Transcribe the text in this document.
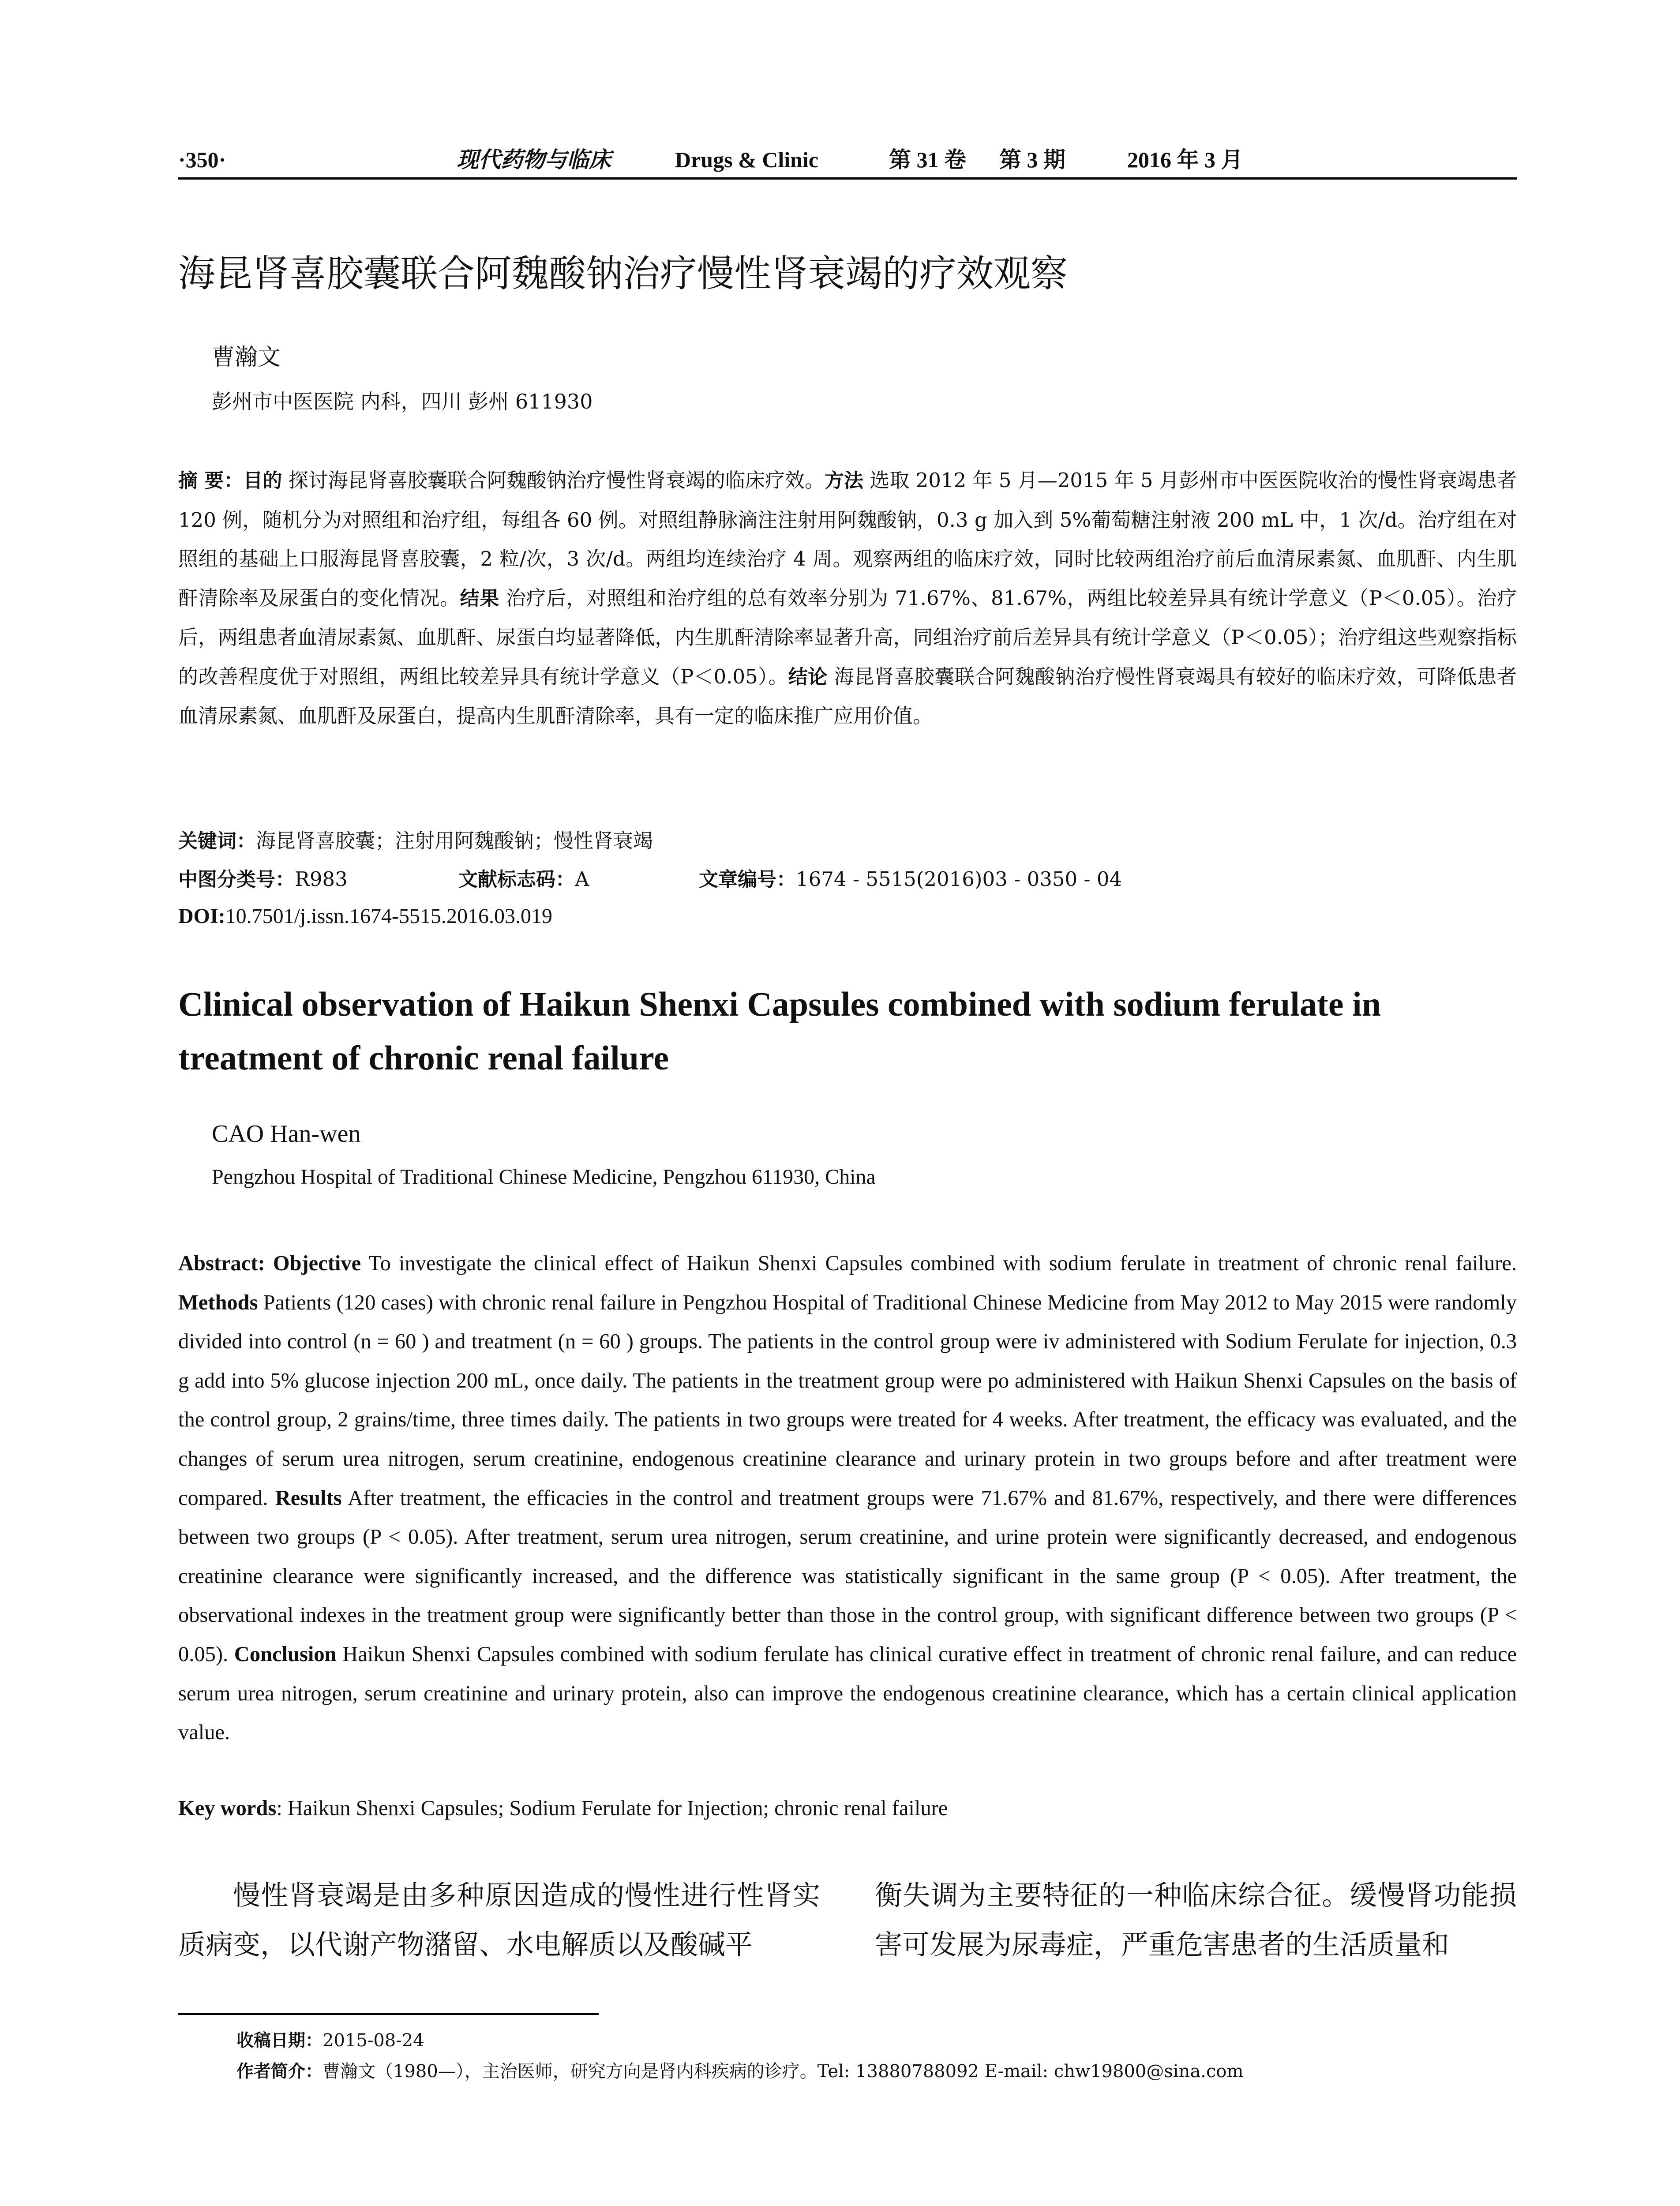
·350·	现代药物与临床	Drugs & Clinic	第 31 卷 第 3 期	2016 年 3 月
海昆肾喜胶囊联合阿魏酸钠治疗慢性肾衰竭的疗效观察
曹瀚文
彭州市中医医院 内科，四川 彭州 611930
摘 要：目的 探讨海昆肾喜胶囊联合阿魏酸钠治疗慢性肾衰竭的临床疗效。方法 选取 2012 年 5 月—2015 年 5 月彭州市中医医院收治的慢性肾衰竭患者 120 例，随机分为对照组和治疗组，每组各 60 例。对照组静脉滴注注射用阿魏酸钠，0.3 g 加入到 5%葡萄糖注射液 200 mL 中，1 次/d。治疗组在对照组的基础上口服海昆肾喜胶囊，2 粒/次，3 次/d。两组均连续治疗 4 周。观察两组的临床疗效，同时比较两组治疗前后血清尿素氮、血肌酐、内生肌酐清除率及尿蛋白的变化情况。结果 治疗后，对照组和治疗组的总有效率分别为 71.67%、81.67%，两组比较差异具有统计学意义（P＜0.05）。治疗后，两组患者血清尿素氮、血肌酐、尿蛋白均显著降低，内生肌酐清除率显著升高，同组治疗前后差异具有统计学意义（P＜0.05）；治疗组这些观察指标的改善程度优于对照组，两组比较差异具有统计学意义（P＜0.05）。结论 海昆肾喜胶囊联合阿魏酸钠治疗慢性肾衰竭具有较好的临床疗效，可降低患者血清尿素氮、血肌酐及尿蛋白，提高内生肌酐清除率，具有一定的临床推广应用价值。
关键词：海昆肾喜胶囊；注射用阿魏酸钠；慢性肾衰竭
中图分类号：R983	文献标志码：A	文章编号：1674 - 5515(2016)03 - 0350 - 04
DOI:10.7501/j.issn.1674-5515.2016.03.019
Clinical observation of Haikun Shenxi Capsules combined with sodium ferulate in treatment of chronic renal failure
CAO Han-wen
Pengzhou Hospital of Traditional Chinese Medicine, Pengzhou 611930, China
Abstract: Objective To investigate the clinical effect of Haikun Shenxi Capsules combined with sodium ferulate in treatment of chronic renal failure. Methods Patients (120 cases) with chronic renal failure in Pengzhou Hospital of Traditional Chinese Medicine from May 2012 to May 2015 were randomly divided into control (n = 60 ) and treatment (n = 60 ) groups. The patients in the control group were iv administered with Sodium Ferulate for injection, 0.3 g add into 5% glucose injection 200 mL, once daily. The patients in the treatment group were po administered with Haikun Shenxi Capsules on the basis of the control group, 2 grains/time, three times daily. The patients in two groups were treated for 4 weeks. After treatment, the efficacy was evaluated, and the changes of serum urea nitrogen, serum creatinine, endogenous creatinine clearance and urinary protein in two groups before and after treatment were compared. Results After treatment, the efficacies in the control and treatment groups were 71.67% and 81.67%, respectively, and there were differences between two groups (P < 0.05). After treatment, serum urea nitrogen, serum creatinine, and urine protein were significantly decreased, and endogenous creatinine clearance were significantly increased, and the difference was statistically significant in the same group (P < 0.05). After treatment, the observational indexes in the treatment group were significantly better than those in the control group, with significant difference between two groups (P < 0.05). Conclusion Haikun Shenxi Capsules combined with sodium ferulate has clinical curative effect in treatment of chronic renal failure, and can reduce serum urea nitrogen, serum creatinine and urinary protein, also can improve the endogenous creatinine clearance, which has a certain clinical application value.
Key words: Haikun Shenxi Capsules; Sodium Ferulate for Injection; chronic renal failure
慢性肾衰竭是由多种原因造成的慢性进行性肾实质病变，以代谢产物潴留、水电解质以及酸碱平
衡失调为主要特征的一种临床综合征。缓慢肾功能损害可发展为尿毒症，严重危害患者的生活质量和
收稿日期：2015-08-24
作者简介：曹瀚文（1980—），主治医师，研究方向是肾内科疾病的诊疗。Tel: 13880788092 E-mail: chw19800@sina.com
